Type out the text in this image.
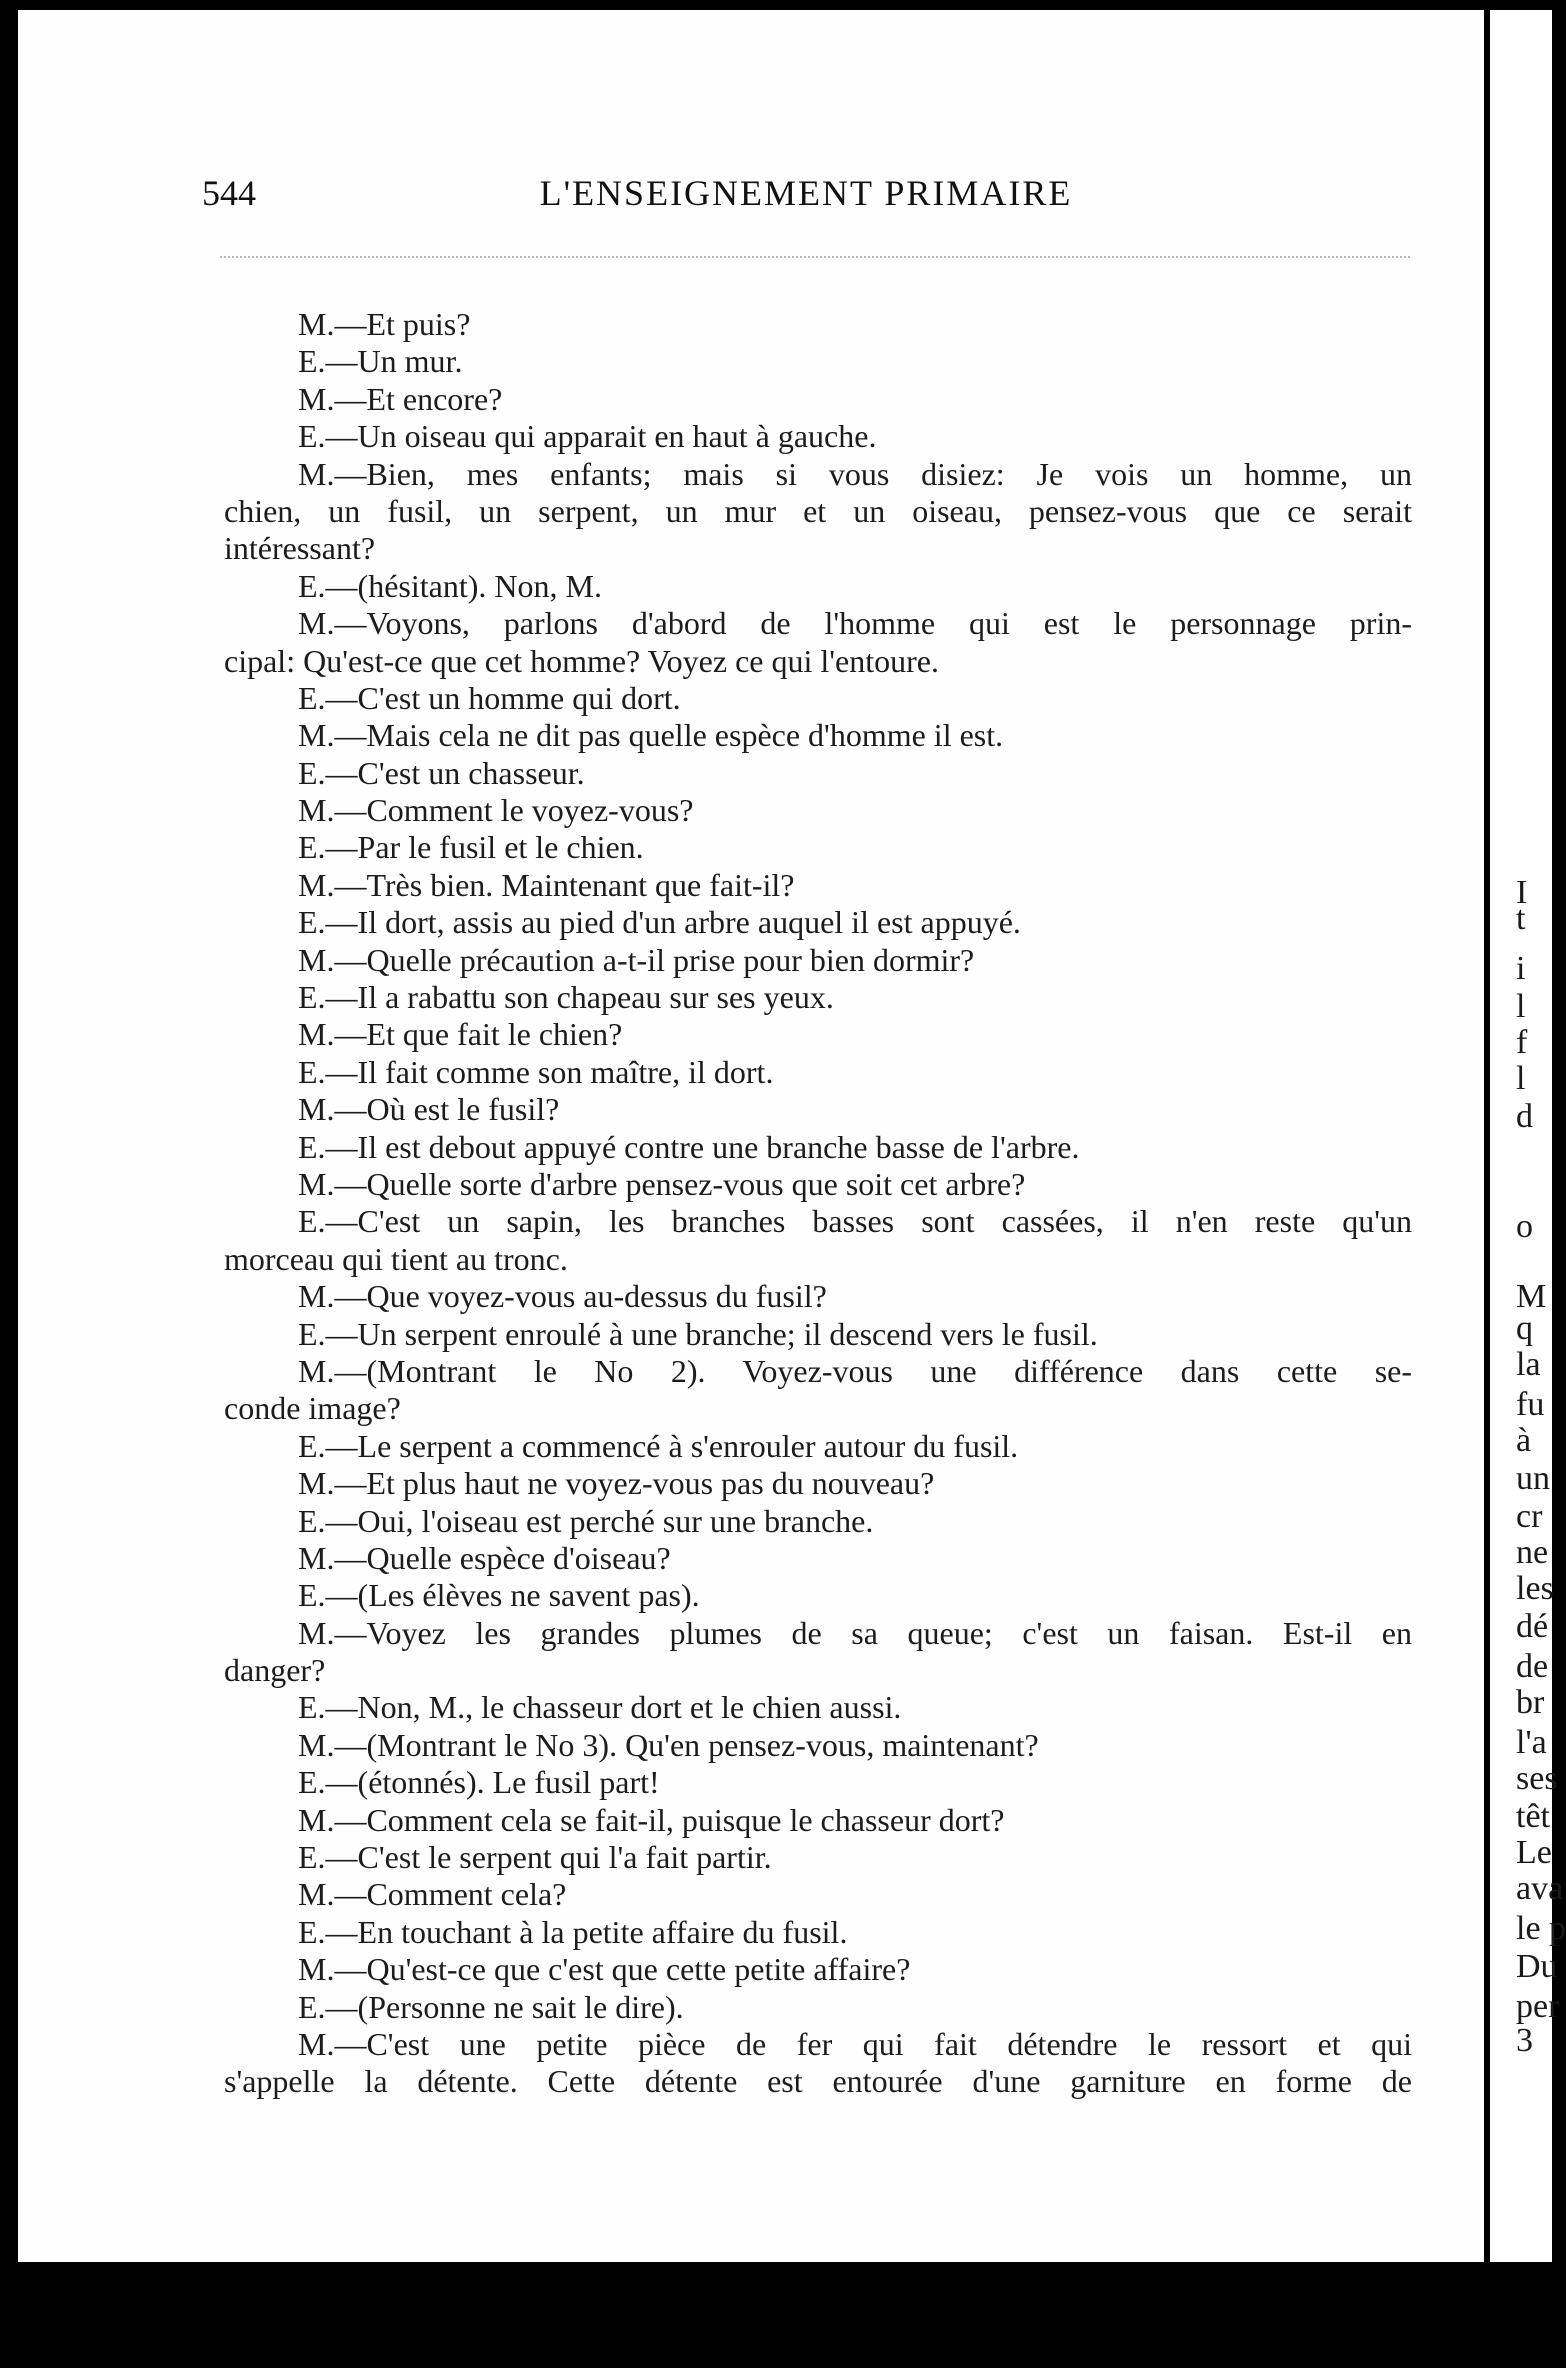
544	L'ENSEIGNEMENT PRIMAIRE
M.—Et puis?
E.—Un mur.
M.—Et encore?
E.—Un oiseau qui apparait en haut à gauche.
M.—Bien, mes enfants; mais si vous disiez: Je vois un homme, un
chien, un fusil, un serpent, un mur et un oiseau, pensez-vous que ce serait
intéressant?
E.—(hésitant). Non, M.
M.—Voyons, parlons d'abord de l'homme qui est le personnage prin-
cipal: Qu'est-ce que cet homme? Voyez ce qui l'entoure.
E.—C'est un homme qui dort.
M.—Mais cela ne dit pas quelle espèce d'homme il est.
E.—C'est un chasseur.
M.—Comment le voyez-vous?
E.—Par le fusil et le chien.
M.—Très bien. Maintenant que fait-il?
E.—Il dort, assis au pied d'un arbre auquel il est appuyé.
M.—Quelle précaution a-t-il prise pour bien dormir?
E.—Il a rabattu son chapeau sur ses yeux.
M.—Et que fait le chien?
E.—Il fait comme son maître, il dort.
M.—Où est le fusil?
E.—Il est debout appuyé contre une branche basse de l'arbre.
M.—Quelle sorte d'arbre pensez-vous que soit cet arbre?
E.—C'est un sapin, les branches basses sont cassées, il n'en reste qu'un
morceau qui tient au tronc.
M.—Que voyez-vous au-dessus du fusil?
E.—Un serpent enroulé à une branche; il descend vers le fusil.
M.—(Montrant le No 2). Voyez-vous une différence dans cette se-
conde image?
E.—Le serpent a commencé à s'enrouler autour du fusil.
M.—Et plus haut ne voyez-vous pas du nouveau?
E.—Oui, l'oiseau est perché sur une branche.
M.—Quelle espèce d'oiseau?
E.—(Les élèves ne savent pas).
M.—Voyez les grandes plumes de sa queue; c'est un faisan. Est-il en
danger?
E.—Non, M., le chasseur dort et le chien aussi.
M.—(Montrant le No 3). Qu'en pensez-vous, maintenant?
E.—(étonnés). Le fusil part!
M.—Comment cela se fait-il, puisque le chasseur dort?
E.—C'est le serpent qui l'a fait partir.
M.—Comment cela?
E.—En touchant à la petite affaire du fusil.
M.—Qu'est-ce que c'est que cette petite affaire?
E.—(Personne ne sait le dire).
M.—C'est une petite pièce de fer qui fait détendre le ressort et qui
s'appelle la détente. Cette détente est entourée d'une garniture en forme de
I
t
i
l
f
l
d
o
M
q
la
fu
à
un
cr
ne
les
dé
de
br
l'a
ses
têt
Le
ava
le p
Du
per
3
